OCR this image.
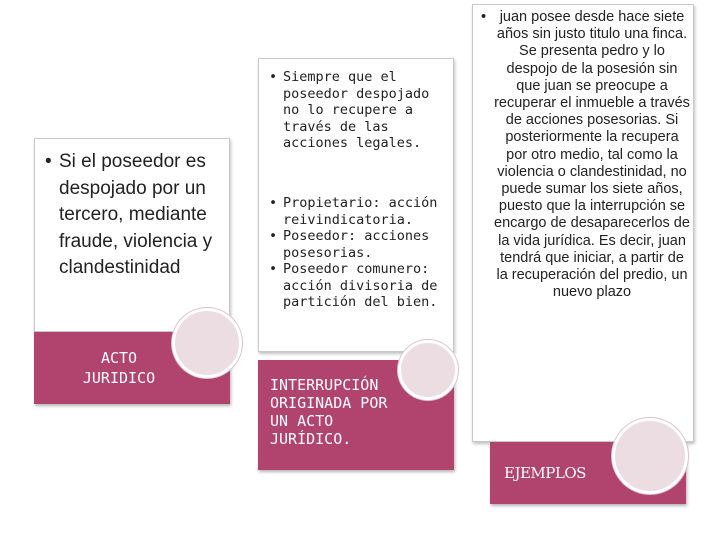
• Si el poseedor es despojado por un tercero, mediante fraude, violencia y clandestinidad
ACTO JURIDICO
• Siempre que el poseedor despojado no lo recupere a través de las acciones legales.
• Propietario: acción reivindicatoria.
• Poseedor: acciones posesorias.
• Poseedor comunero: acción divisoria de partición del bien.
INTERRUPCIÓN ORIGINADA POR UN ACTO JURÍDICO.
• juan posee desde hace siete años sin justo titulo una finca. Se presenta pedro y lo despojo de la posesión sin que juan se preocupe a recuperar el inmueble a través de acciones posesorias. Si posteriormente la recupera por otro medio, tal como la violencia o clandestinidad, no puede sumar los siete años, puesto que la interrupción se encargo de desaparecerlos de la vida jurídica. Es decir, juan tendrá que iniciar, a partir de la recuperación del predio, un nuevo plazo
EJEMPLOS
